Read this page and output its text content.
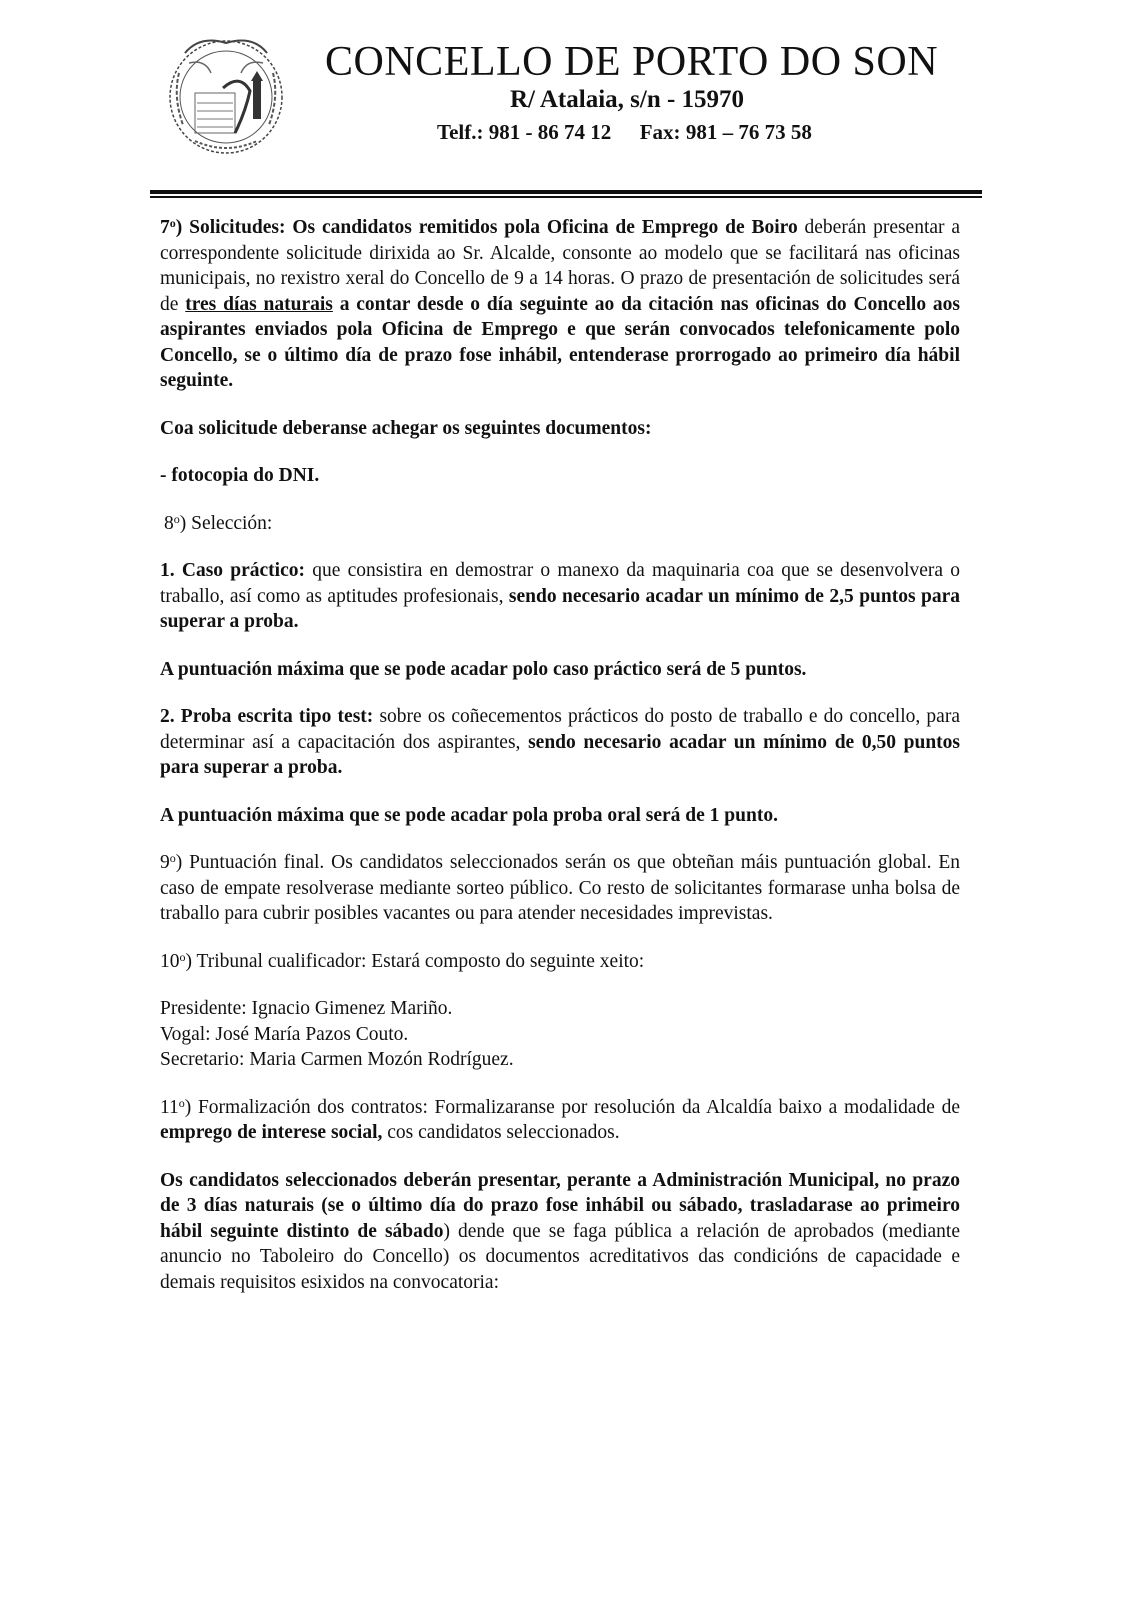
CONCELLO DE PORTO DO SON
R/ Atalaia, s/n - 15970
Telf.: 981 - 86 74 12 Fax: 981 – 76 73 58

7$^o$) Solicitudes: Os candidatos remitidos pola Oficina de Emprego de Boiro deberán presentar a correspondente solicitude dirixida ao Sr. Alcalde, consonte ao modelo que se facilitará nas oficinas municipais, no rexistro xeral do Concello de 9 a 14 horas. O prazo de presentación de solicitudes será de tres días naturais a contar desde o día seguinte ao da citación nas oficinas do Concello aos aspirantes enviados pola Oficina de Emprego e que serán convocados telefonicamente polo Concello, se o último día de prazo fose inhábil, entenderase prorrogado ao primeiro día hábil seguinte.

Coa solicitude deberanse achegar os seguintes documentos:

- fotocopia do DNI.

8$^o$) Selección:

1. Caso práctico: que consistira en demostrar o manexo da maquinaria coa que se desenvolvera o traballo, así como as aptitudes profesionais, sendo necesario acadar un mínimo de 2,5 puntos para superar a proba.

A puntuación máxima que se pode acadar polo caso práctico será de 5 puntos.

2. Proba escrita tipo test: sobre os coñecementos prácticos do posto de traballo e do concello, para determinar así a capacitación dos aspirantes, sendo necesario acadar un mínimo de 0,50 puntos para superar a proba.

A puntuación máxima que se pode acadar pola proba oral será de 1 punto.

9$^o$) Puntuación final. Os candidatos seleccionados serán os que obteñan máis puntuación global. En caso de empate resolverase mediante sorteo público. Co resto de solicitantes formarase unha bolsa de traballo para cubrir posibles vacantes ou para atender necesidades imprevistas.

10$^o$) Tribunal cualificador: Estará composto do seguinte xeito:

Presidente: Ignacio Gimenez Mariño.

Vogal: José María Pazos Couto.

Secretario: Maria Carmen Mozón Rodríguez.

11$^o$) Formalización dos contratos: Formalizaranse por resolución da Alcaldía baixo a modalidade de emprego de interese social, cos candidatos seleccionados.

Os candidatos seleccionados deberán presentar, perante a Administración Municipal, no prazo de 3 días naturais (se o último día do prazo fose inhábil ou sábado, trasladarase ao primeiro hábil seguinte distinto de sábado) dende que se faga pública a relación de aprobados (mediante anuncio no Taboleiro do Concello) os documentos acreditativos das condicións de capacidade e demais requisitos esixidos na convocatoria:
